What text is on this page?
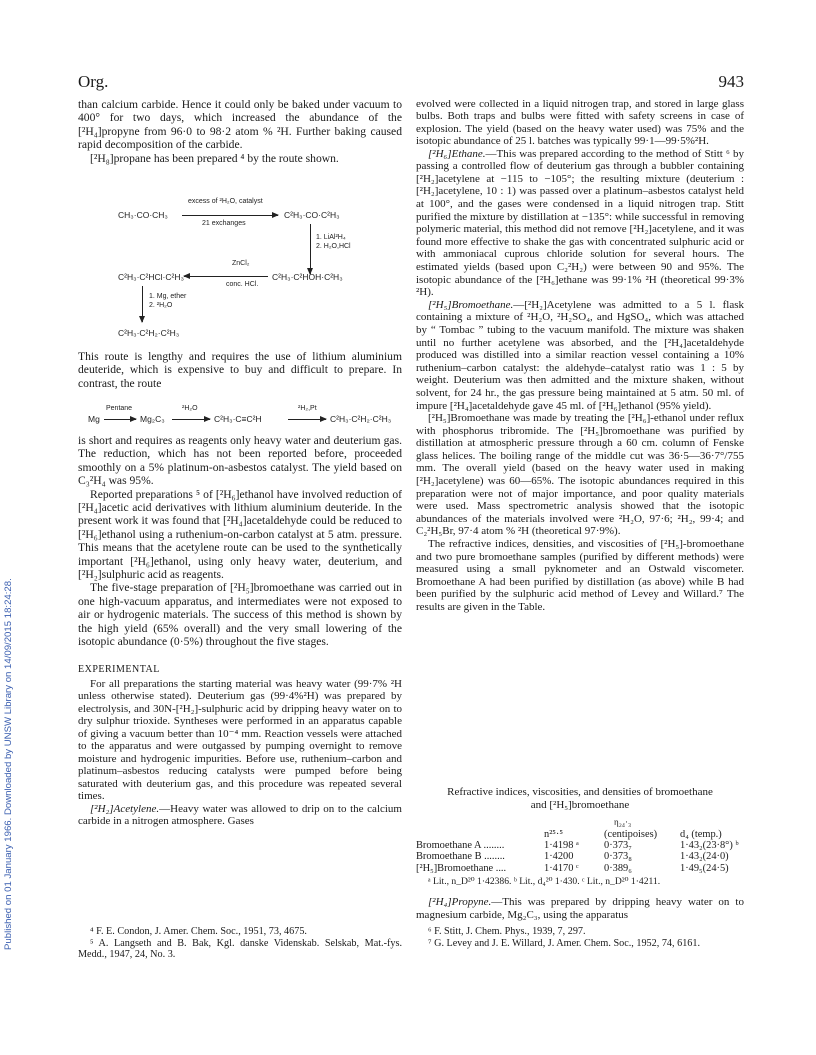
Published on 01 January 1966. Downloaded by UNSW Library on 14/09/2015 18:24:28.
Org.	943

than calcium carbide. Hence it could only be baked under vacuum to 400° for two days, which increased the abundance of the [²H₄]propyne from 96·0 to 98·2 atom % ²H. Further baking caused rapid decomposition of the carbide.

[²H₈]propane has been prepared ⁴ by the route shown.

CH₃·CO·CH₃
excess of ²H₂O, catalyst
21 exchanges
C²H₃·CO·C²H₃
1. LiAl²H₄
2. H₂O,HCl
C²H₃·C²HOH·C²H₃
ZnCl₂
conc. HCl.
C²H₃·C²HCl·C²H₃
1. Mg, ether
2. ²H₂O
C²H₃·C²H₂·C²H₃

This route is lengthy and requires the use of lithium aluminium deuteride, which is expensive to buy and difficult to prepare. In contrast, the route

Mg
Pentane
→ Mg₂C₃
²H₂O
C²H₃·C≡C²H
²H₂,Pt
C²H₃·C²H₂·C²H₃

is short and requires as reagents only heavy water and deuterium gas. The reduction, which has not been reported before, proceeded smoothly on a 5% platinum-on-asbestos catalyst. The yield based on C₃²H₄ was 95%.

Reported preparations ⁵ of [²H₆]ethanol have involved reduction of [²H₄]acetic acid derivatives with lithium aluminium deuteride. In the present work it was found that [²H₄]acetaldehyde could be reduced to [²H₆]ethanol using a ruthenium-on-carbon catalyst at 5 atm. pressure. This means that the acetylene route can be used to the synthetically important [²H₆]ethanol, using only heavy water, deuterium, and [²H₂]sulphuric acid as reagents.

The five-stage preparation of [²H₅]bromoethane was carried out in one high-vacuum apparatus, and intermediates were not exposed to air or hydrogenic materials. The success of this method is shown by the high yield (65% overall) and the very small lowering of the isotopic abundance (0·5%) throughout the five stages.

EXPERIMENTAL

For all preparations the starting material was heavy water (99·7% ²H unless otherwise stated). Deuterium gas (99·4%²H) was prepared by electrolysis, and 30N-[²H₂]-sulphuric acid by dripping heavy water on to dry sulphur trioxide. Syntheses were performed in an apparatus capable of giving a vacuum better than 10⁻⁴ mm. Reaction vessels were attached to the apparatus and were outgassed by pumping overnight to remove moisture and hydrogenic impurities. Before use, ruthenium–carbon and platinum–asbestos reducing catalysts were pumped before being saturated with deuterium gas, and this procedure was repeated several times.

[²H₂]Acetylene.—Heavy water was allowed to drip on to the calcium carbide in a nitrogen atmosphere. Gases

⁴ F. E. Condon, J. Amer. Chem. Soc., 1951, 73, 4675.

⁵ A. Langseth and B. Bak, Kgl. danske Videnskab. Selskab, Mat.-fys. Medd., 1947, 24, No. 3.

evolved were collected in a liquid nitrogen trap, and stored in large glass bulbs. Both traps and bulbs were fitted with safety screens in case of explosion. The yield (based on the heavy water used) was 75% and the isotopic abundance of 25 l. batches was typically 99·1—99·5%²H.

[²H₆]Ethane.—This was prepared according to the method of Stitt ⁶ by passing a controlled flow of deuterium gas through a bubbler containing [²H₂]acetylene at −115 to −105°; the resulting mixture (deuterium : [²H₂]acetylene, 10 : 1) was passed over a platinum–asbestos catalyst held at 100°, and the gases were condensed in a liquid nitrogen trap. Stitt purified the mixture by distillation at −135°: while successful in removing polymeric material, this method did not remove [²H₂]acetylene, and it was found more effective to shake the gas with concentrated sulphuric acid or with ammoniacal cuprous chloride solution for several hours. The estimated yields (based upon C₂²H₂) were between 90 and 95%. The isotopic abundance of the [²H₆]ethane was 99·1% ²H (theoretical 99·3% ²H).

[²H₅]Bromoethane.—[²H₂]Acetylene was admitted to a 5 l. flask containing a mixture of ²H₂O, ²H₂SO₄, and HgSO₄, which was attached by “ Tombac ” tubing to the vacuum manifold. The mixture was shaken until no further acetylene was absorbed, and the [²H₄]acetaldehyde produced was distilled into a similar reaction vessel containing a 10% ruthenium–carbon catalyst: the aldehyde–catalyst ratio was 1 : 5 by weight. Deuterium was then admitted and the mixture shaken, without solvent, for 24 hr., the gas pressure being maintained at 5 atm. 50 ml. of impure [²H₄]acetaldehyde gave 45 ml. of [²H₆]ethanol (95% yield).

[²H₅]Bromoethane was made by treating the [²H₆]-ethanol under reflux with phosphorus tribromide. The [²H₅]bromoethane was purified by distillation at atmospheric pressure through a 60 cm. column of Fenske glass helices. The boiling range of the middle cut was 36·5—36·7°/755 mm. The overall yield (based on the heavy water used in making [²H₂]acetylene) was 60—65%. The isotopic abundances required in this preparation were not of major importance, and poor quality materials were used. Mass spectrometric analysis showed that the isotopic abundances of the materials involved were ²H₂O, 97·6; ²H₂, 99·4; and C₂²H₅Br, 97·4 atom % ²H (theoretical 97·9%).

The refractive indices, densities, and viscosities of [²H₅]-bromoethane and two pure bromoethane samples (purified by different methods) were measured using a small pyknometer and an Ostwald viscometer. Bromoethane A had been purified by distillation (as above) while B had been purified by the sulphuric acid method of Levey and Willard.⁷ The results are given in the Table.

Refractive indices, viscosities, and densities of bromoethane and [²H₅]bromoethane
η₂₄·₃
	n²⁵·⁵	(centipoises)	d₄ (temp.)
Bromoethane A ........	1·4198 ᵃ	0·373₇	1·43₂(23·8°) ᵇ
Bromoethane B ........	1·4200	0·373₈	1·43₂(24·0)
[²H₅]Bromoethane ....	1·4170 ᶜ	0·389₆	1·49₅(24·5)
ᵃ Lit., n_D²⁰ 1·42386. ᵇ Lit., d₄²⁰ 1·430. ᶜ Lit., n_D²⁰ 1·4211.

[²H₄]Propyne.—This was prepared by dripping heavy water on to magnesium carbide, Mg₂C₃, using the apparatus

⁶ F. Stitt, J. Chem. Phys., 1939, 7, 297.

⁷ G. Levey and J. E. Willard, J. Amer. Chem. Soc., 1952, 74, 6161.
